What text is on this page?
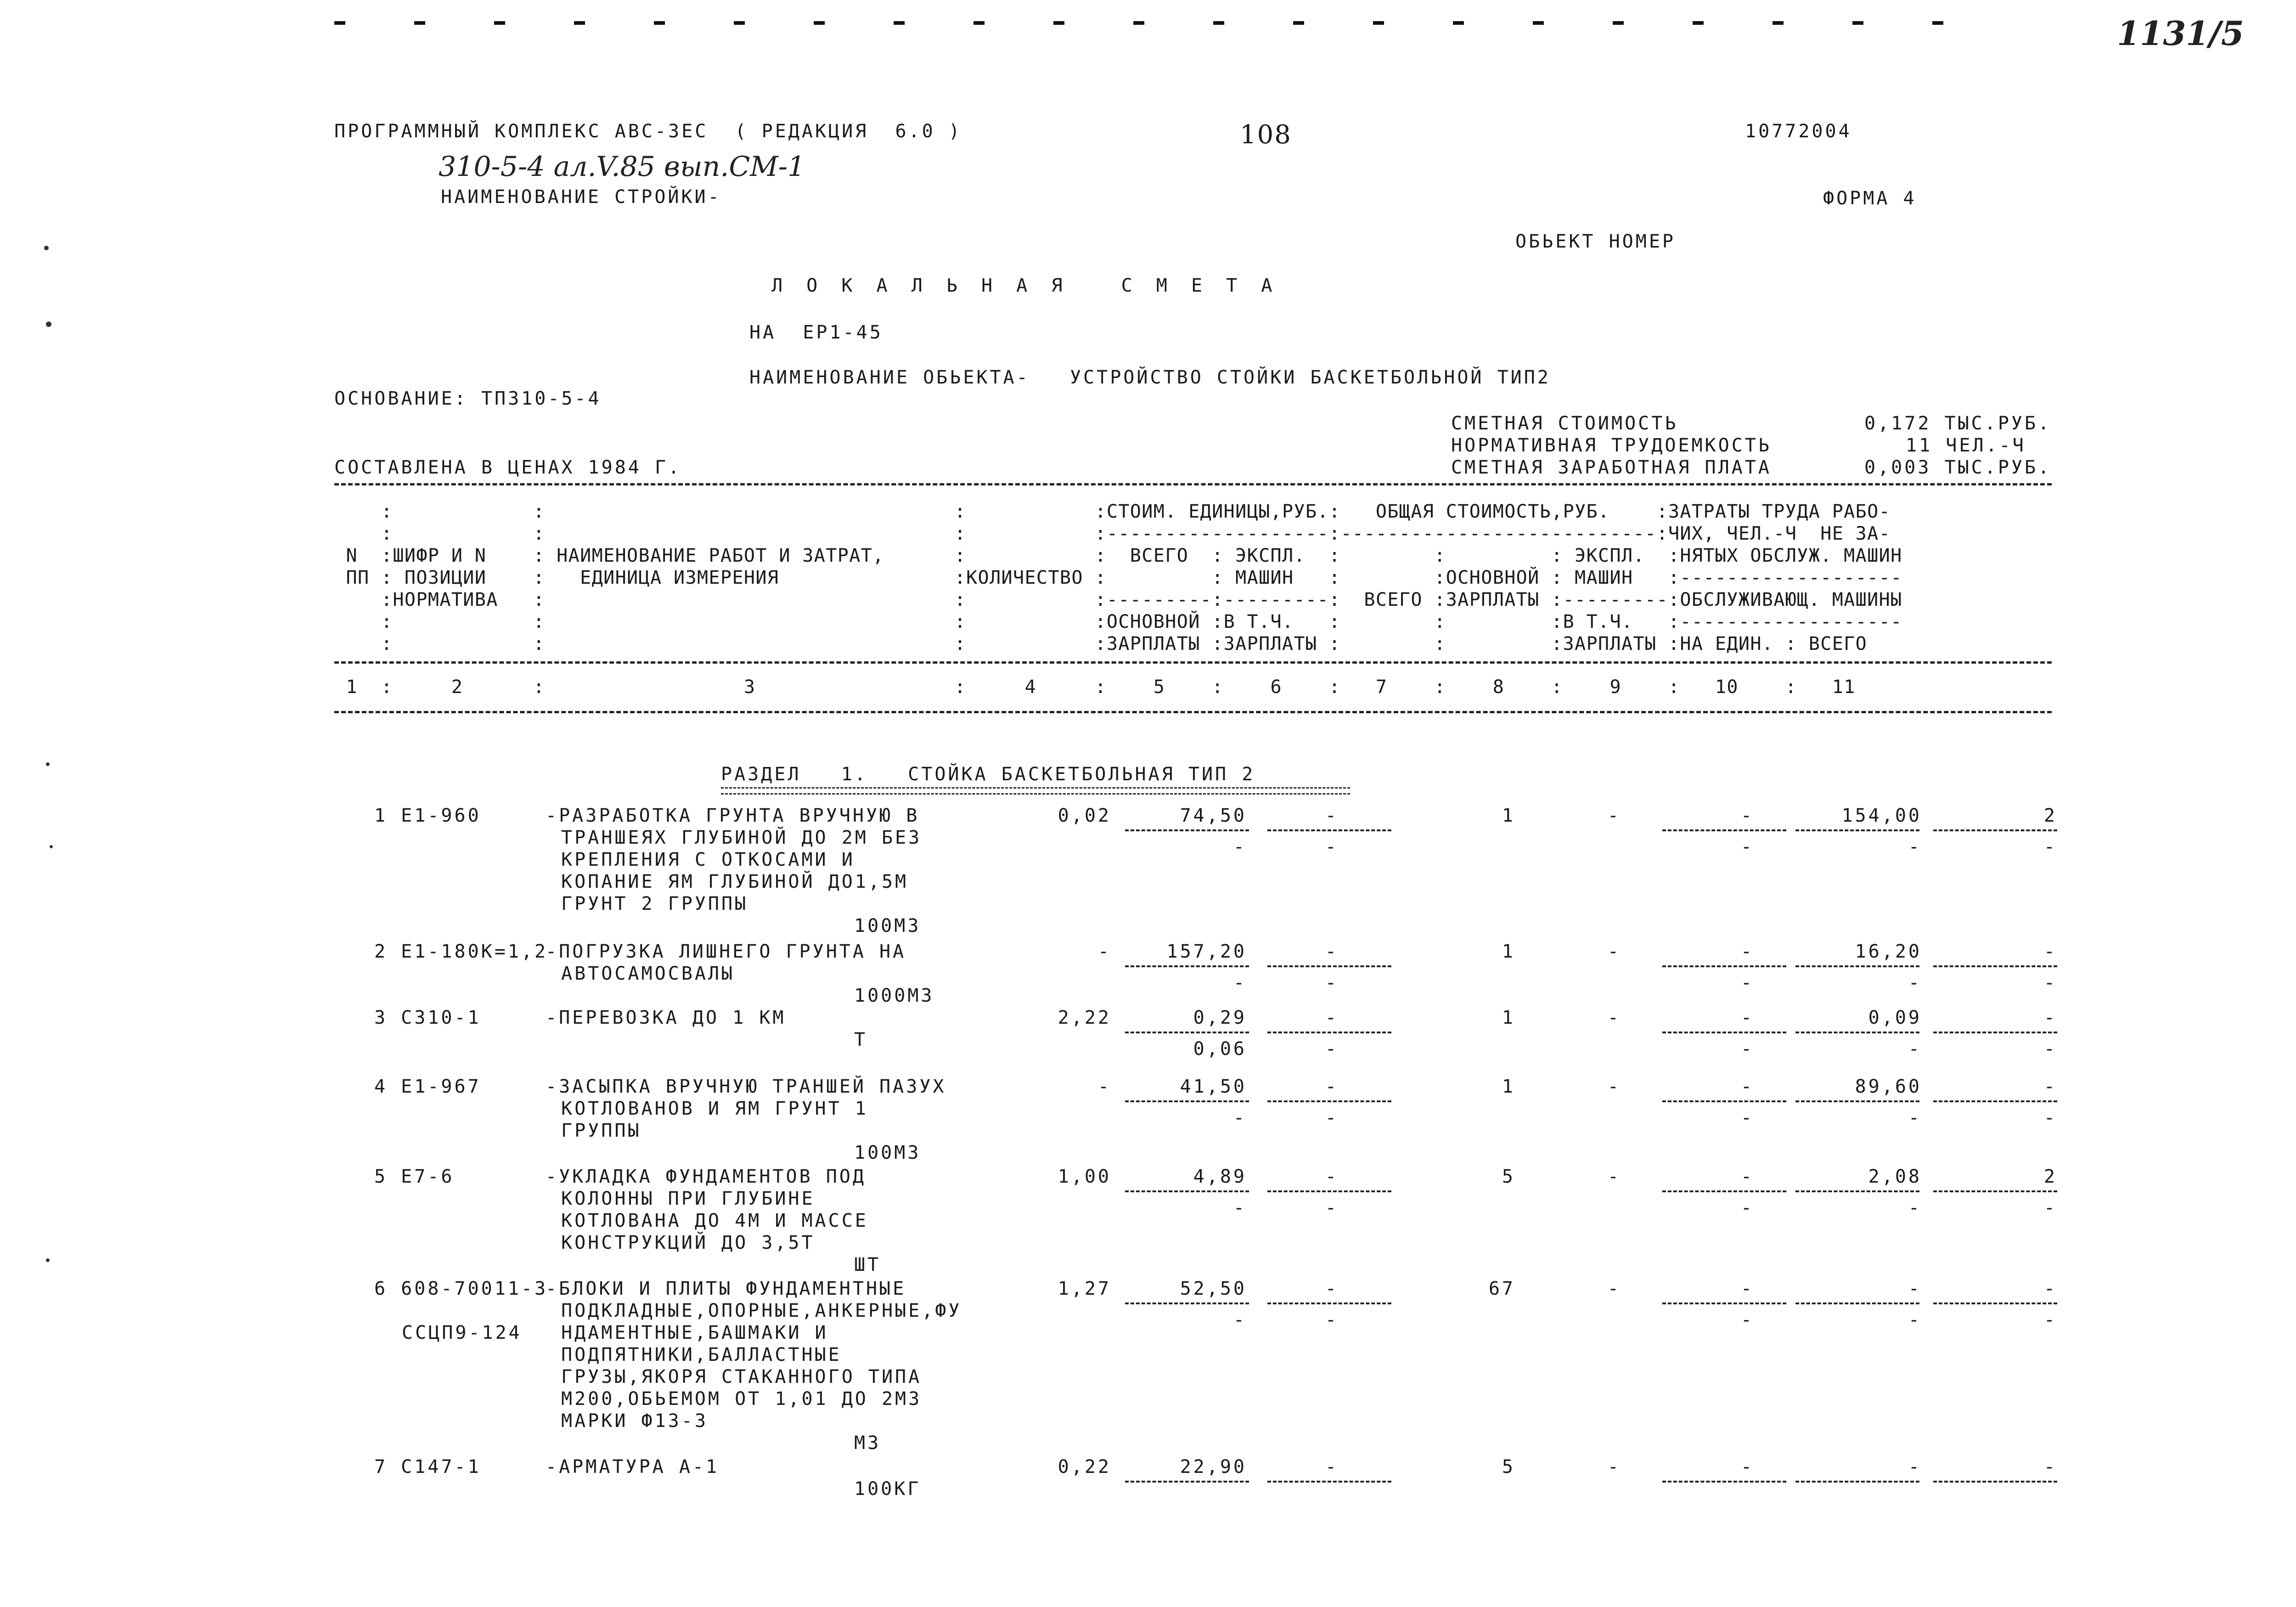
1131/5
ПРОГРАММНЫЙ КОМПЛЕКС АВС-ЗЕС  ( РЕДАКЦИЯ  6.0 )	108	10772004
310-5-4 ал.V.85 вып.СМ-1
НАИМЕНОВАНИЕ СТРОЙКИ-	ФОРМА 4
ОБЬЕКТ НОМЕР
Л О К А Л Ь Н А Я   С М Е Т А
НА  ЕР1-45
НАИМЕНОВАНИЕ ОБЬЕКТА-   УСТРОЙСТВО СТОЙКИ БАСКЕТБОЛЬНОЙ ТИП2
ОСНОВАНИЕ: ТП310-5-4
СМЕТНАЯ СТОИМОСТЬ	0,172 ТЫС.РУБ.
НОРМАТИВНАЯ ТРУДОЕМКОСТЬ	11 ЧЕЛ.-Ч
СМЕТНАЯ ЗАРАБОТНАЯ ПЛАТА	0,003 ТЫС.РУБ.
СОСТАВЛЕНА В ЦЕНАХ 1984 Г.
:            :                                   :           :СТОИМ. ЕДИНИЦЫ,РУБ.:   ОБЩАЯ СТОИМОСТЬ,РУБ.    :ЗАТРАТЫ ТРУДА РАБО-
:            :                                   :           :-------------------:---------------------------:ЧИХ, ЧЕЛ.-Ч  НЕ ЗА-
N  :ШИФР И N    : НАИМЕНОВАНИЕ РАБОТ И ЗАТРАТ,      :           :  ВСЕГО  : ЭКСПЛ.  :        :         : ЭКСПЛ.  :НЯТЫХ ОБСЛУЖ. МАШИН
ПП : ПОЗИЦИИ    :   ЕДИНИЦА ИЗМЕРЕНИЯ               :КОЛИЧЕСТВО :         : МАШИН   :        :ОСНОВНОЙ : МАШИН   :-------------------
:НОРМАТИВА   :                                   :           :---------:---------:  ВСЕГО :ЗАРПЛАТЫ :---------:ОБСЛУЖИВАЮЩ. МАШИНЫ
:            :                                   :           :ОСНОВНОЙ :В Т.Ч.   :        :         :В Т.Ч.   :-------------------
:            :                                   :           :ЗАРПЛАТЫ :ЗАРПЛАТЫ :        :         :ЗАРПЛАТЫ :НА ЕДИН. : ВСЕГО
1  :     2      :                 3                 :     4     :    5    :    6    :   7    :    8    :    9    :   10    :   11
РАЗДЕЛ   1.   СТОЙКА БАСКЕТБОЛЬНАЯ ТИП 2
1 Е1-960	-РАЗРАБОТКА ГРУНТА ВРУЧНУЮ В
ТРАНШЕЯХ ГЛУБИНОЙ ДО 2М БЕЗ
КРЕПЛЕНИЯ С ОТКОСАМИ И
КОПАНИЕ ЯМ ГЛУБИНОЙ ДО1,5М
ГРУНТ 2 ГРУППЫ
100М3
0,02	74,50	-	1	-	-	154,00	2
-	-	-	-	-
2 Е1-180К=1,2
-ПОГРУЗКА ЛИШНЕГО ГРУНТА НА
АВТОСАМОСВАЛЫ
1000М3
-	157,20	-	1	-	-	16,20	-
-	-	-	-	-
3 С310-1	-ПЕРЕВОЗКА ДО 1 КМ
Т
2,22	0,29	-	1	-	-	0,09	-
0,06	-	-	-	-
4 Е1-967	-ЗАСЫПКА ВРУЧНУЮ ТРАНШЕЙ ПАЗУХ
КОТЛОВАНОВ И ЯМ ГРУНТ 1
ГРУППЫ
100М3
-	41,50	-	1	-	-	89,60	-
-	-	-	-	-
5 Е7-6	-УКЛАДКА ФУНДАМЕНТОВ ПОД
КОЛОННЫ ПРИ ГЛУБИНЕ
КОТЛОВАНА ДО 4М И МАССЕ
КОНСТРУКЦИЙ ДО 3,5Т
ШТ
1,00	4,89	-	5	-	-	2,08	2
-	-	-	-	-
6 608-70011-3
ССЦП9-124
-БЛОКИ И ПЛИТЫ ФУНДАМЕНТНЫЕ
ПОДКЛАДНЫЕ,ОПОРНЫЕ,АНКЕРНЫЕ,ФУ
НДАМЕНТНЫЕ,БАШМАКИ И
ПОДПЯТНИКИ,БАЛЛАСТНЫЕ
ГРУЗЫ,ЯКОРЯ СТАКАННОГО ТИПА
М200,ОБЬЕМОМ ОТ 1,01 ДО 2М3
МАРКИ Ф13-3
М3
1,27	52,50	-	67	-	-	-	-
-	-	-	-	-
7 С147-1	-АРМАТУРА А-1
100КГ
0,22	22,90	-	5	-	-	-	-
